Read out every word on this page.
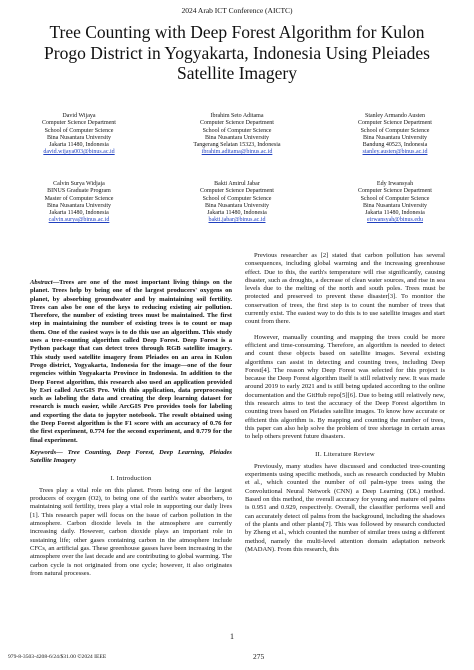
2024 Arab ICT Conference (AICTC)
Tree Counting with Deep Forest Algorithm for Kulon Progo District in Yogyakarta, Indonesia Using Pleiades Satellite Imagery
David Wijaya
Computer Science Department
School of Computer Science
Bina Nusantara University
Jakarta 11480, Indonesia
david.wijaya003@binus.ac.id
Ibrahim Seto Aditama
Computer Science Department
School of Computer Science
Bina Nusantara University
Tangerang Selatan 15323, Indonesia
ibrahim.aditama@binus.ac.id
Stanley Armando Austen
Computer Science Department
School of Computer Science
Bina Nusantara University
Bandung 40523, Indonesia
stanley.austen@binus.ac.id
Calvin Surya Widjaja
BINUS Graduate Program
Master of Computer Science
Bina Nusantara University
Jakarta 11480, Indonesia
calvin.surya@binus.ac.id
Bakti Amirul Jabar
Computer Science Department
School of Computer Science
Bina Nusantara University
Jakarta 11480, Indonesia
bakti.jabar@binus.ac.id
Edy Irwansyah
Computer Science Department
School of Computer Science
Bina Nusantara University
Jakarta 11480, Indonesia
eirwansyah@binus.edu
Abstract—Trees are one of the most important living things on the planet. Trees help by being one of the largest producers' oxygens on planet, by absorbing groundwater and by maintaining soil fertility. Trees can also be one of the keys to reducing existing air pollution. Therefore, the number of existing trees must be maintained. The first step in maintaining the number of existing trees is to count or map them. One of the easiest ways is to do this use an algorithm. This study uses a tree-counting algorithm called Deep Forest. Deep Forest is a Python package that can detect trees through RGB satellite imagery. This study used satellite imagery from Pleiades on an area in Kulon Progo district, Yogyakarta, Indonesia for the image—one of the four regencies within Yogyakarta Province in Indonesia. In addition to the Deep Forest algorithm, this research also used an application provided by Esri called ArcGIS Pro. With this application, data preprocessing such as labeling the data and creating the deep learning dataset for research is much easier, while ArcGIS Pro provides tools for labeling and exporting the data to jupyter notebook. The result obtained using the Deep Forest algorithm is the F1 score with an accuracy of 0.76 for the first experiment, 0.774 for the second experiment, and 0.779 for the final experiment.
Keywords— Tree Counting, Deep Forest, Deep Learning, Pleiades Satellite Imagery
I. Introduction

Trees play a vital role on this planet. From being one of the largest producers of oxygen (O2), to being one of the earth's water absorbers, to maintaining soil fertility, trees play a vital role in supporting our daily lives [1]. This research paper will focus on the issue of carbon pollution in the atmosphere. Carbon dioxide levels in the atmosphere are currently increasing daily. However, carbon dioxide plays an important role in sustaining life; other gases containing carbon in the atmosphere include CFCs, an artificial gas. These greenhouse gasses have been increasing in the atmosphere over the last decade and are contributing to global warming. The carbon cycle is not originated from one cycle; however, it also originates from natural processes.

Previous researcher as [2] stated that carbon pollution has several consequences, including global warming and the increasing greenhouse effect. Due to this, the earth's temperature will rise significantly, causing disaster, such as droughts, a decrease of clean water sources, and rise in sea levels due to the melting of the north and south poles. Trees must be protected and preserved to prevent these disaster[3]. To monitor the conservation of trees, the first step is to count the number of trees that currently exist. The easiest way to do this is to use satellite images and start count from there.

However, manually counting and mapping the trees could be more efficient and time-consuming. Therefore, an algorithm is needed to detect and count these objects based on satellite images. Several existing algorithms can assist in detecting and counting trees, including Deep Forest[4]. The reason why Deep Forest was selected for this project is because the Deep Forest algorithm itself is still relatively new. It was made around 2019 to early 2021 and is still being updated according to the online documentation and the GitHub repo[5][6]. Due to being still relatively new, this research aims to test the accuracy of the Deep Forest algorithm in counting trees based on Pleiades satellite images. To know how accurate or efficient this algorithm is. By mapping and counting the number of trees, this paper can also help solve the problem of tree shortage in certain areas to help others prevent future disasters.

II. Literature Review

Previously, many studies have discussed and conducted tree-counting experiments using specific methods, such as research conducted by Mubin et al., which counted the number of oil palm-type trees using the Convolutional Neural Network (CNN) a Deep Learning (DL) method. Based on this method, the overall accuracy for young and mature oil palms is 0.951 and 0.929, respectively. Overall, the classifier performs well and can accurately detect oil palms from the background, including the shadows of the plants and other plants[7]. This was followed by research conducted by Zheng et al., which counted the number of similar trees using a different method, namely the multi-level attention domain adaptation network (MADAN). From this research, this

1
979-8-3503-4208-6/24/$31.00 ©2024 IEEE	275
